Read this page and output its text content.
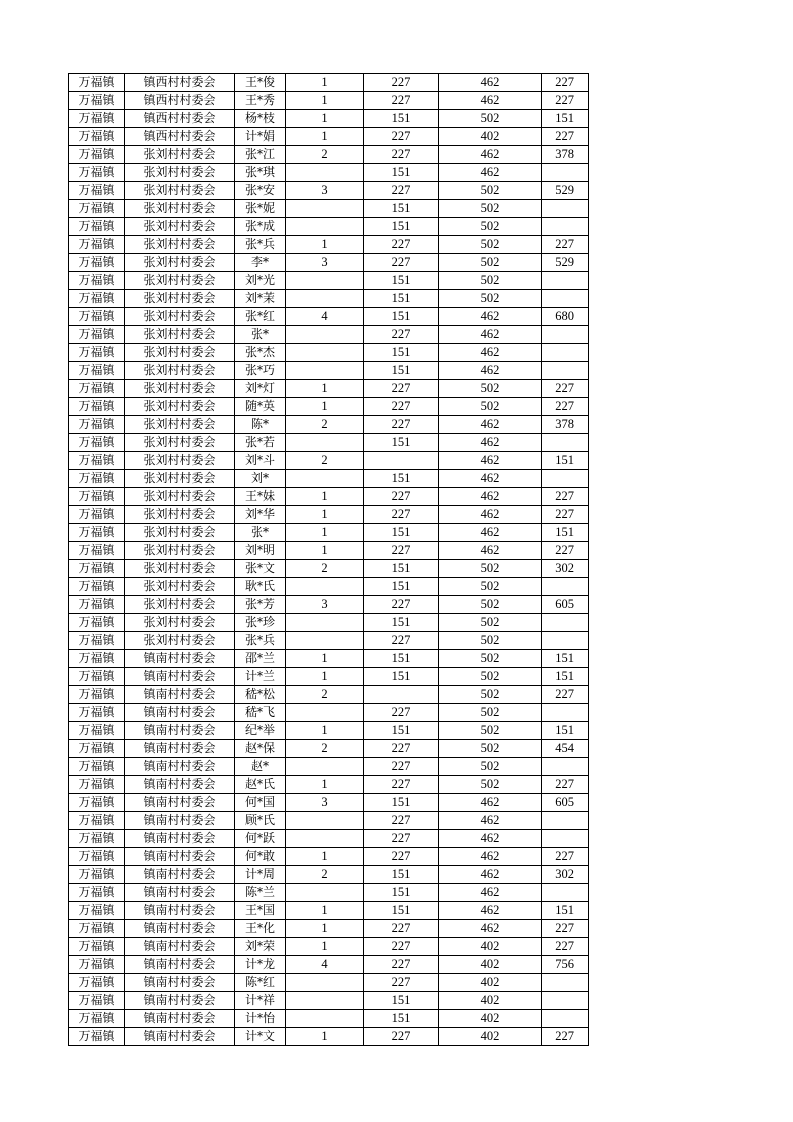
万福镇	镇西村村委会	王*俊	1	227	462	227
万福镇	镇西村村委会	王*秀	1	227	462	227
万福镇	镇西村村委会	杨*枝	1	151	502	151
万福镇	镇西村村委会	计*娟	1	227	402	227
万福镇	张刘村村委会	张*江	2	227	462	378
万福镇	张刘村村委会	张*琪		151	462	
万福镇	张刘村村委会	张*安	3	227	502	529
万福镇	张刘村村委会	张*妮		151	502	
万福镇	张刘村村委会	张*成		151	502	
万福镇	张刘村村委会	张*兵	1	227	502	227
万福镇	张刘村村委会	李*	3	227	502	529
万福镇	张刘村村委会	刘*光		151	502	
万福镇	张刘村村委会	刘*茉		151	502	
万福镇	张刘村村委会	张*红	4	151	462	680
万福镇	张刘村村委会	张*		227	462	
万福镇	张刘村村委会	张*杰		151	462	
万福镇	张刘村村委会	张*巧		151	462	
万福镇	张刘村村委会	刘*灯	1	227	502	227
万福镇	张刘村村委会	随*英	1	227	502	227
万福镇	张刘村村委会	陈*	2	227	462	378
万福镇	张刘村村委会	张*若		151	462	
万福镇	张刘村村委会	刘*斗	2		462	151
万福镇	张刘村村委会	刘*		151	462	
万福镇	张刘村村委会	王*妹	1	227	462	227
万福镇	张刘村村委会	刘*华	1	227	462	227
万福镇	张刘村村委会	张*	1	151	462	151
万福镇	张刘村村委会	刘*明	1	227	462	227
万福镇	张刘村村委会	张*文	2	151	502	302
万福镇	张刘村村委会	耿*氏		151	502	
万福镇	张刘村村委会	张*芳	3	227	502	605
万福镇	张刘村村委会	张*珍		151	502	
万福镇	张刘村村委会	张*兵		227	502	
万福镇	镇南村村委会	邵*兰	1	151	502	151
万福镇	镇南村村委会	计*兰	1	151	502	151
万福镇	镇南村村委会	嵇*松	2		502	227
万福镇	镇南村村委会	嵇*飞		227	502	
万福镇	镇南村村委会	纪*举	1	151	502	151
万福镇	镇南村村委会	赵*保	2	227	502	454
万福镇	镇南村村委会	赵*		227	502	
万福镇	镇南村村委会	赵*氏	1	227	502	227
万福镇	镇南村村委会	何*国	3	151	462	605
万福镇	镇南村村委会	顾*氏		227	462	
万福镇	镇南村村委会	何*跃		227	462	
万福镇	镇南村村委会	何*敢	1	227	462	227
万福镇	镇南村村委会	计*周	2	151	462	302
万福镇	镇南村村委会	陈*兰		151	462	
万福镇	镇南村村委会	王*国	1	151	462	151
万福镇	镇南村村委会	王*化	1	227	462	227
万福镇	镇南村村委会	刘*荣	1	227	402	227
万福镇	镇南村村委会	计*龙	4	227	402	756
万福镇	镇南村村委会	陈*红		227	402	
万福镇	镇南村村委会	计*祥		151	402	
万福镇	镇南村村委会	计*怡		151	402	
万福镇	镇南村村委会	计*文	1	227	402	227
